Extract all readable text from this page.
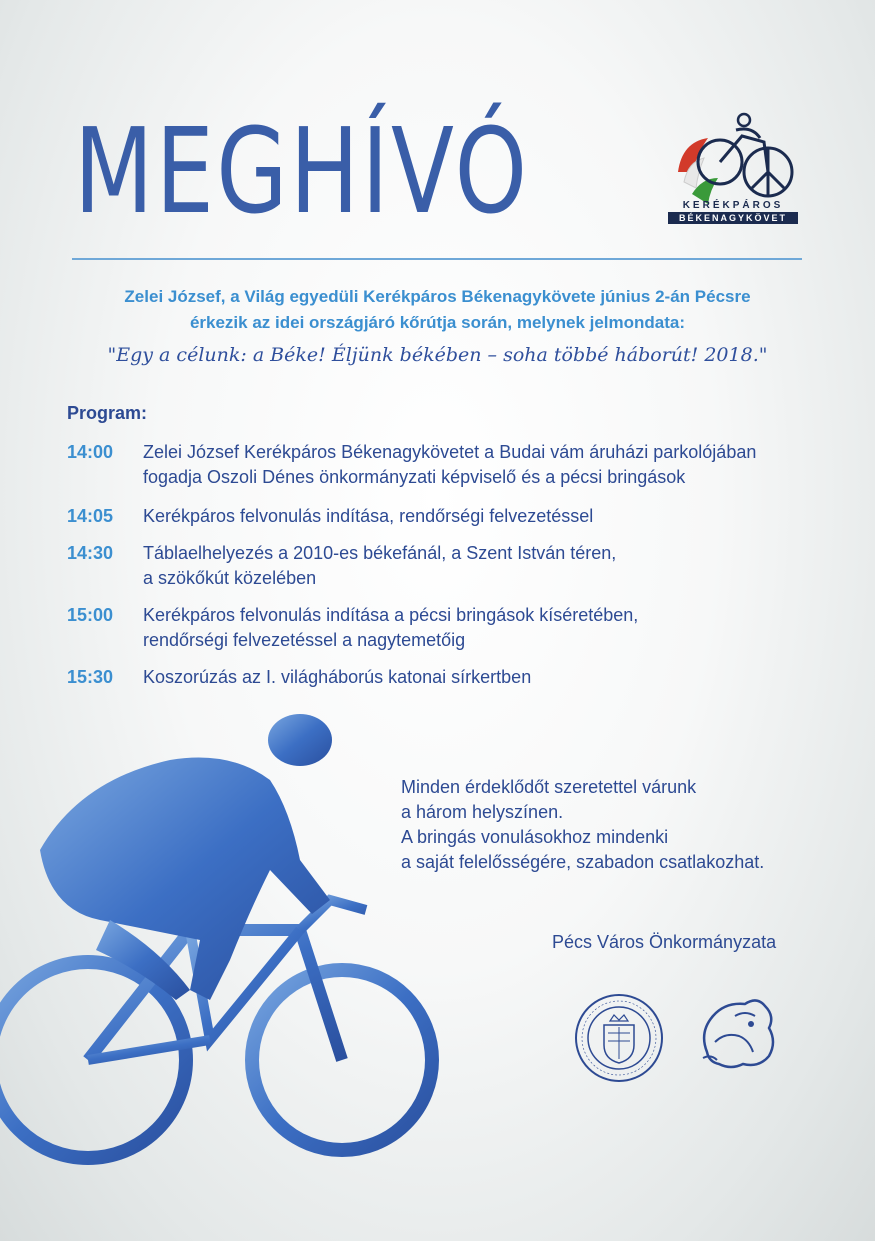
MEGHÍVÓ	KERÉKPÁROS
BÉKENAGYKÖVET
Zelei József, a Világ egyedüli Kerékpáros Békenagykövete június 2-án Pécsre
érkezik az idei országjáró kőrútja során, melynek jelmondata:
"Egy a célunk: a Béke! Éljünk békében – soha többé háborút! 2018."
Program:
14:00 Zelei József Kerékpáros Békenagykövetet a Budai vám áruházi parkolójában
fogadja Oszoli Dénes önkormányzati képviselő és a pécsi bringások
14:05 Kerékpáros felvonulás indítása, rendőrségi felvezetéssel
14:30 Táblaelhelyezés a 2010-es békefánál, a Szent István téren,
a szökőkút közelében
15:00 Kerékpáros felvonulás indítása a pécsi bringások kíséretében,
rendőrségi felvezetéssel a nagytemetőig
15:30 Koszorúzás az I. világháborús katonai sírkertben
Minden érdeklődőt szeretettel várunk
a három helyszínen.
A bringás vonulásokhoz mindenki
a saját felelősségére, szabadon csatlakozhat.
Pécs Város Önkormányzata
